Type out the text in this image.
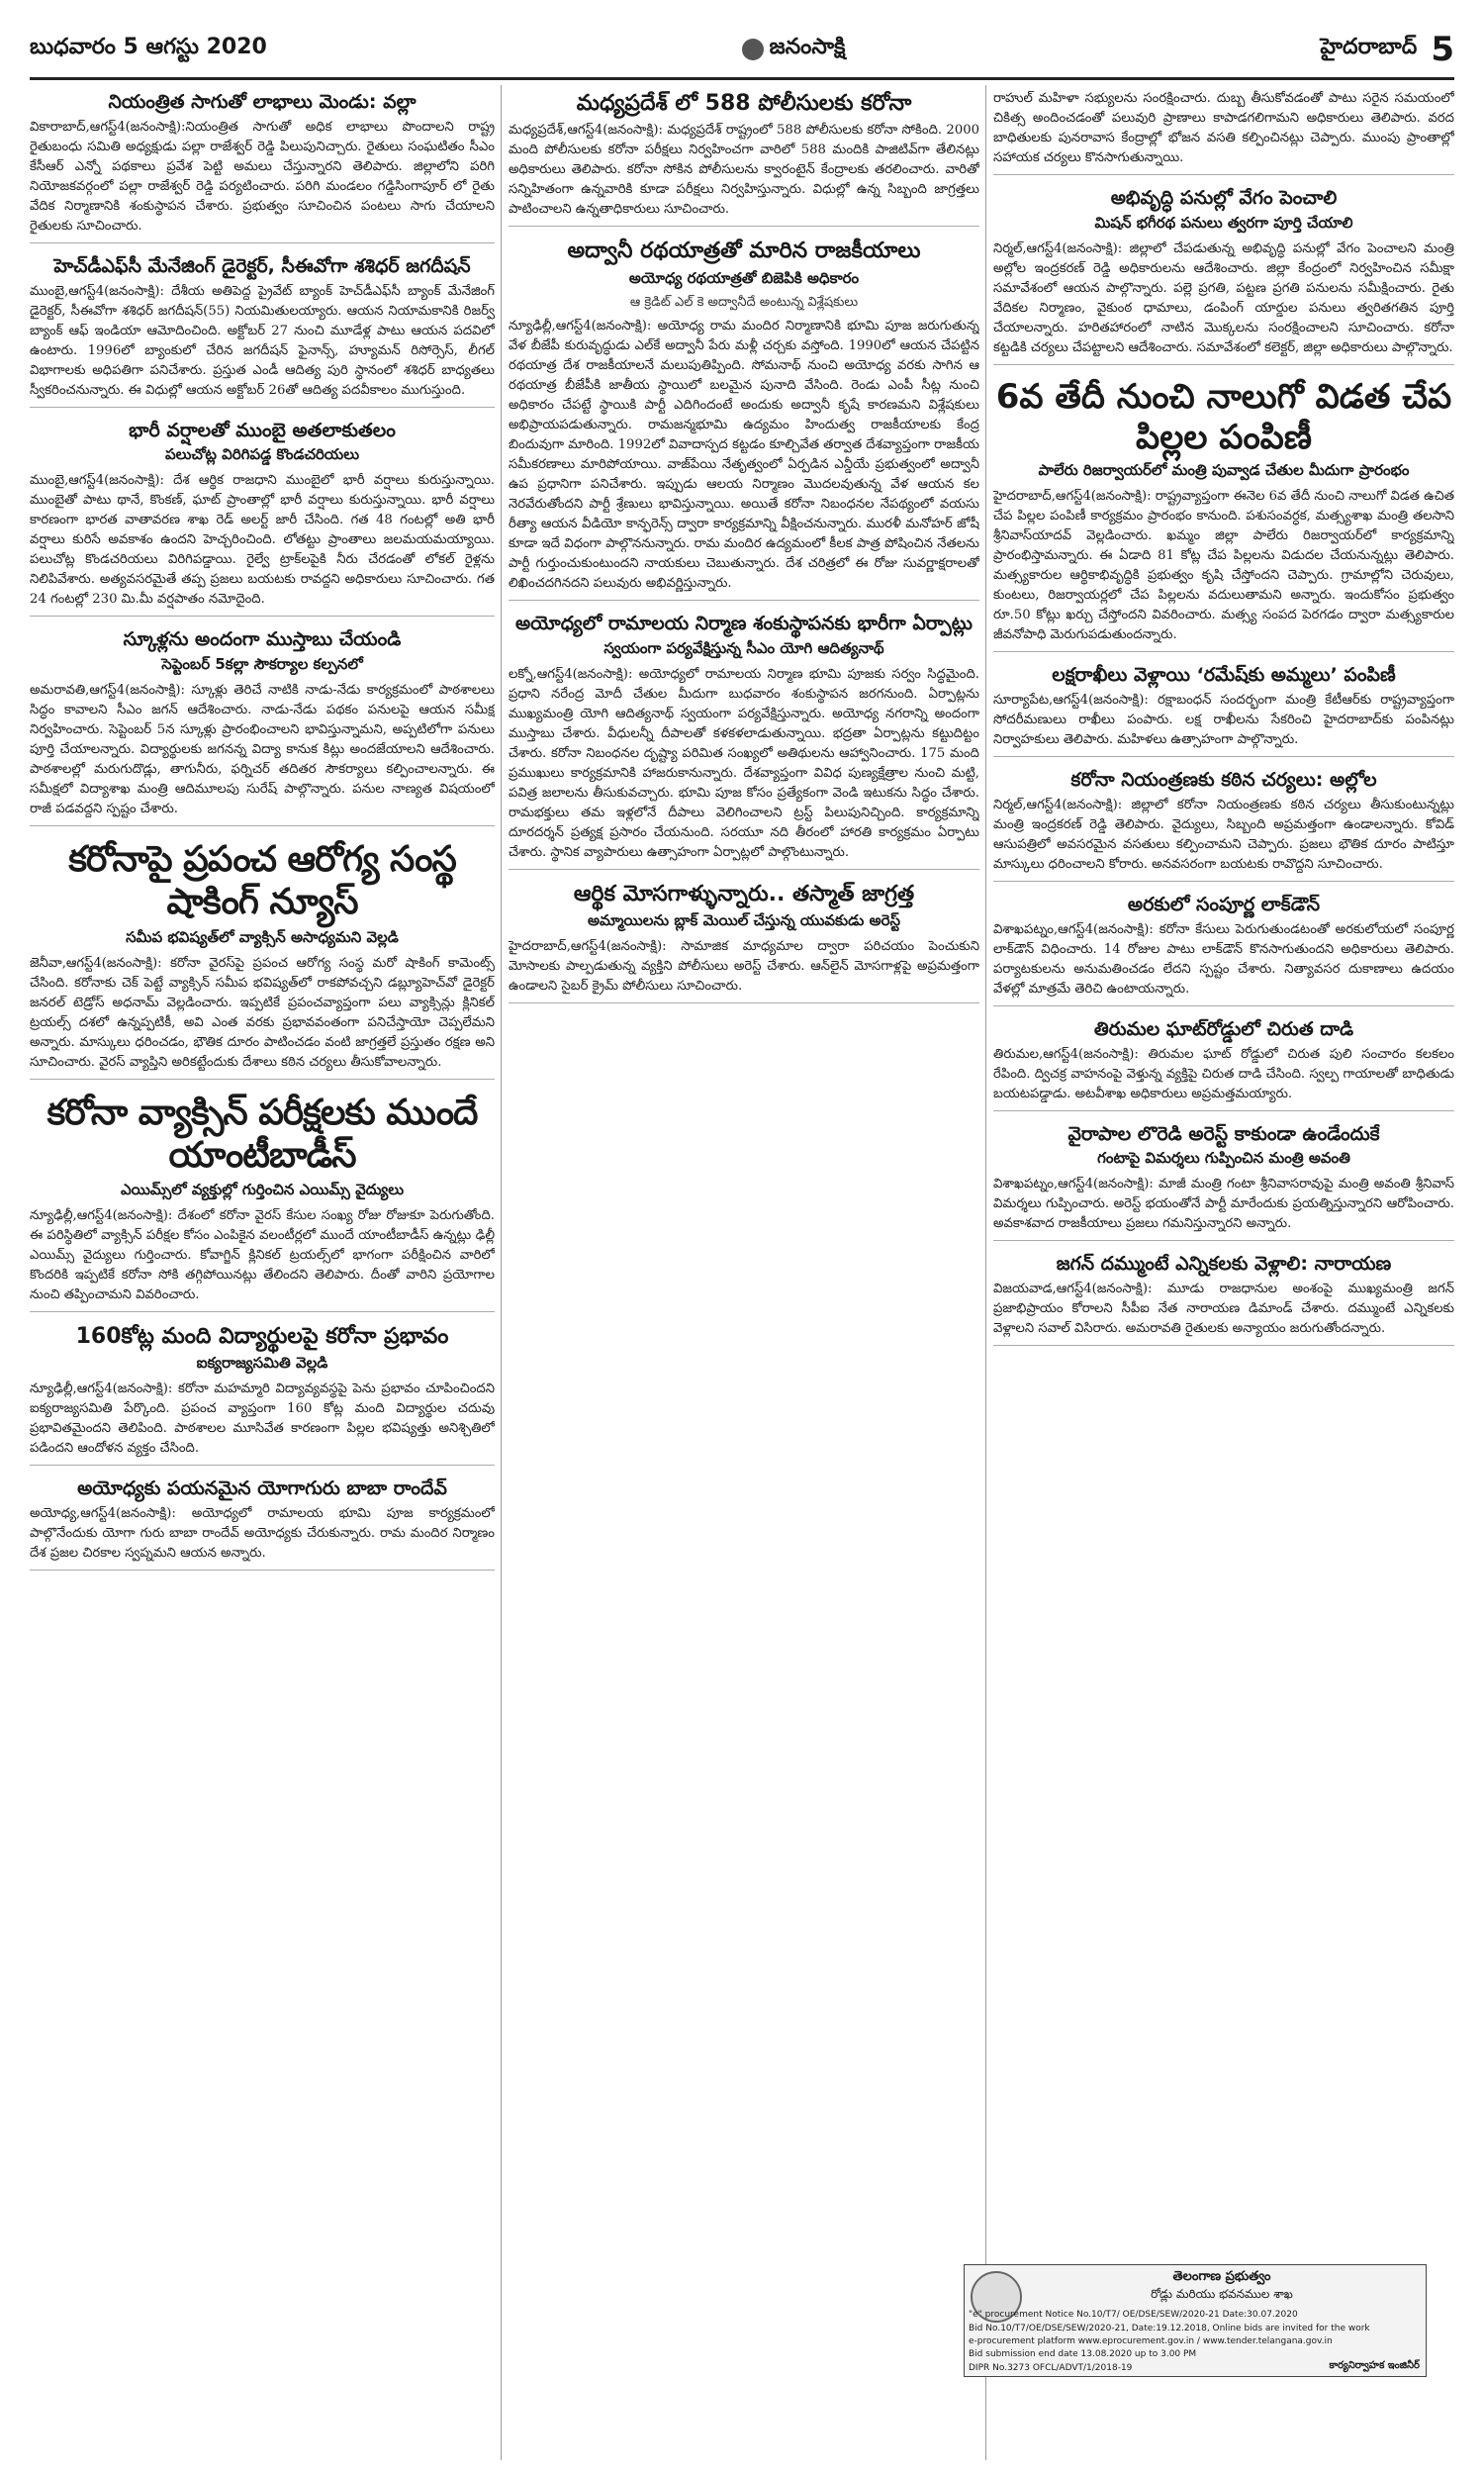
బుధవారం 5 ఆగస్టు 2020	జనంసాక్షి	హైదరాబాద్ 5
నియంత్రిత సాగుతో లాభాలు మెండు: వల్లా
వికారాబాద్,ఆగస్ట్4(జనంసాక్షి):నియంత్రిత సాగుతో అధిక లాభాలు పొందాలని రాష్ట్ర రైతుబంధు సమితి అధ్యక్షుడు పల్లా రాజేశ్వర్ రెడ్డి పిలుపునిచ్చారు. రైతులు సంఘటితం సీఎం కేసీఆర్ ఎన్నో పథకాలు ప్రవేశ పెట్టి అమలు చేస్తున్నారని తెలిపారు. జిల్లాలోని పరిగి నియోజకవర్గంలో పల్లా రాజేశ్వర్ రెడ్డి పర్యటించారు. పరిగి మండలం గడ్డిసింగాపూర్ లో రైతు వేదిక నిర్మాణానికి శంకుస్థాపన చేశారు. ప్రభుత్వం సూచించిన పంటలు సాగు చేయాలని రైతులకు సూచించారు.
హెచ్‌డీఎఫ్‌సీ మేనేజింగ్ డైరెక్టర్, సీఈవోగా శశిధర్ జగదీషన్
ముంబై,ఆగస్ట్4(జనంసాక్షి): దేశీయ అతిపెద్ద ప్రైవేట్ బ్యాంక్ హెచ్‌డీఎఫ్‌సీ బ్యాంక్ మేనేజింగ్ డైరెక్టర్, సీఈవోగా శశిధర్ జగదీషన్(55) నియమితులయ్యారు. ఆయన నియామకానికి రిజర్వ్ బ్యాంక్ ఆఫ్ ఇండియా ఆమోదించింది. అక్టోబర్ 27 నుంచి మూడేళ్ల పాటు ఆయన పదవిలో ఉంటారు. 1996లో బ్యాంకులో చేరిన జగదీషన్ ఫైనాన్స్, హ్యూమన్ రిసోర్సెస్, లీగల్ విభాగాలకు అధిపతిగా పనిచేశారు. ప్రస్తుత ఎండీ ఆదిత్య పురి స్థానంలో శశిధర్ బాధ్యతలు స్వీకరించనున్నారు. ఈ విధుల్లో ఆయన అక్టోబర్ 26తో ఆదిత్య పదవీకాలం ముగుస్తుంది.
భారీ వర్షాలతో ముంబై అతలాకుతలం
పలుచోట్ల విరిగిపడ్డ కొండచరియలు
ముంబై,ఆగస్ట్4(జనంసాక్షి): దేశ ఆర్థిక రాజధాని ముంబైలో భారీ వర్షాలు కురుస్తున్నాయి. ముంబైతో పాటు థానే, కొంకణ్, ఘాట్ ప్రాంతాల్లో భారీ వర్షాలు కురుస్తున్నాయి. భారీ వర్షాలు కారణంగా భారత వాతావరణ శాఖ రెడ్ అలర్ట్ జారీ చేసింది. గత 48 గంటల్లో అతి భారీ వర్షాలు కురిసే అవకాశం ఉందని హెచ్చరించింది. లోతట్టు ప్రాంతాలు జలమయమయ్యాయి. పలుచోట్ల కొండచరియలు విరిగిపడ్డాయి. రైల్వే ట్రాక్‌లపైకి నీరు చేరడంతో లోకల్ రైళ్లను నిలిపివేశారు. అత్యవసరమైతే తప్ప ప్రజలు బయటకు రావద్దని అధికారులు సూచించారు. గత 24 గంటల్లో 230 మి.మీ వర్షపాతం నమోదైంది.
స్కూళ్లను అందంగా ముస్తాబు చేయండి
సెప్టెంబర్ 5కల్లా సౌకర్యాల కల్పనలో
అమరావతి,ఆగస్ట్4(జనంసాక్షి): స్కూళ్లు తెరిచే నాటికి నాడు-నేడు కార్యక్రమంలో పాఠశాలలు సిద్ధం కావాలని సీఎం జగన్ ఆదేశించారు. నాడు-నేడు పథకం పనులపై ఆయన సమీక్ష నిర్వహించారు. సెప్టెంబర్ 5న స్కూళ్లు ప్రారంభించాలని భావిస్తున్నామని, అప్పటిలోగా పనులు పూర్తి చేయాలన్నారు. విద్యార్థులకు జగనన్న విద్యా కానుక కిట్లు అందజేయాలని ఆదేశించారు. పాఠశాలల్లో మరుగుదొడ్లు, తాగునీరు, ఫర్నిచర్ తదితర సౌకర్యాలు కల్పించాలన్నారు. ఈ సమీక్షలో విద్యాశాఖ మంత్రి ఆదిమూలపు సురేష్ పాల్గొన్నారు. పనుల నాణ్యత విషయంలో రాజీ పడవద్దని స్పష్టం చేశారు.
కరోనాపై ప్రపంచ ఆరోగ్య సంస్థ షాకింగ్ న్యూస్
సమీప భవిష్యత్‌లో వ్యాక్సిన్ అసాధ్యమని వెల్లడి
జెనీవా,ఆగస్ట్4(జనంసాక్షి): కరోనా వైరస్‌పై ప్రపంచ ఆరోగ్య సంస్థ మరో షాకింగ్ కామెంట్స్ చేసింది. కరోనాకు చెక్ పెట్టే వ్యాక్సిన్ సమీప భవిష్యత్‌లో రాకపోవచ్చని డబ్ల్యూహెచ్‌వో డైరెక్టర్ జనరల్ టెడ్రోస్ అధనామ్ వెల్లడించారు. ఇప్పటికే ప్రపంచవ్యాప్తంగా పలు వ్యాక్సిన్లు క్లినికల్ ట్రయల్స్ దశలో ఉన్నప్పటికీ, అవి ఎంత వరకు ప్రభావవంతంగా పనిచేస్తాయో చెప్పలేమని అన్నారు. మాస్కులు ధరించడం, భౌతిక దూరం పాటించడం వంటి జాగ్రత్తలే ప్రస్తుతం రక్షణ అని సూచించారు. వైరస్ వ్యాప్తిని అరికట్టేందుకు దేశాలు కఠిన చర్యలు తీసుకోవాలన్నారు.
కరోనా వ్యాక్సిన్ పరీక్షలకు ముందే యాంటీబాడీస్
ఎయిమ్స్‌లో వ్యక్తుల్లో గుర్తించిన ఎయిమ్స్ వైద్యులు
న్యూఢిల్లీ,ఆగస్ట్4(జనంసాక్షి): దేశంలో కరోనా వైరస్ కేసుల సంఖ్య రోజు రోజుకూ పెరుగుతోంది. ఈ పరిస్థితిలో వ్యాక్సిన్ పరీక్షల కోసం ఎంపికైన వలంటీర్లలో ముందే యాంటీబాడీస్ ఉన్నట్లు ఢిల్లీ ఎయిమ్స్ వైద్యులు గుర్తించారు. కోవాగ్జిన్ క్లినికల్ ట్రయల్స్‌లో భాగంగా పరీక్షించిన వారిలో కొందరికి ఇప్పటికే కరోనా సోకి తగ్గిపోయినట్లు తేలిందని తెలిపారు. దీంతో వారిని ప్రయోగాల నుంచి తప్పించామని వివరించారు.
160కోట్ల మంది విద్యార్థులపై కరోనా ప్రభావం
ఐక్యరాజ్యసమితి వెల్లడి
న్యూఢిల్లీ,ఆగస్ట్4(జనంసాక్షి): కరోనా మహమ్మారి విద్యావ్యవస్థపై పెను ప్రభావం చూపించిందని ఐక్యరాజ్యసమితి పేర్కొంది. ప్రపంచ వ్యాప్తంగా 160 కోట్ల మంది విద్యార్థుల చదువు ప్రభావితమైందని తెలిపింది. పాఠశాలల మూసివేత కారణంగా పిల్లల భవిష్యత్తు అనిశ్చితిలో పడిందని ఆందోళన వ్యక్తం చేసింది.
అయోధ్యకు పయనమైన యోగాగురు బాబా రాందేవ్
అయోధ్య,ఆగస్ట్4(జనంసాక్షి): అయోధ్యలో రామాలయ భూమి పూజ కార్యక్రమంలో పాల్గొనేందుకు యోగా గురు బాబా రాందేవ్ అయోధ్యకు చేరుకున్నారు. రామ మందిర నిర్మాణం దేశ ప్రజల చిరకాల స్వప్నమని ఆయన అన్నారు.
మధ్యప్రదేశ్ లో 588 పోలీసులకు కరోనా
మధ్యప్రదేశ్,ఆగస్ట్4(జనంసాక్షి): మధ్యప్రదేశ్ రాష్ట్రంలో 588 పోలీసులకు కరోనా సోకింది. 2000 మంది పోలీసులకు కరోనా పరీక్షలు నిర్వహించగా వారిలో 588 మందికి పాజిటివ్‌గా తేలినట్లు అధికారులు తెలిపారు. కరోనా సోకిన పోలీసులను క్వారంటైన్ కేంద్రాలకు తరలించారు. వారితో సన్నిహితంగా ఉన్నవారికి కూడా పరీక్షలు నిర్వహిస్తున్నారు. విధుల్లో ఉన్న సిబ్బంది జాగ్రత్తలు పాటించాలని ఉన్నతాధికారులు సూచించారు.
అద్వానీ రథయాత్రతో మారిన రాజకీయాలు
అయోధ్య రథయాత్రతో బిజెపికి అధికారం
ఆ క్రెడిట్ ఎల్ కె అద్వానీదే అంటున్న విశ్లేషకులు
న్యూఢిల్లీ,ఆగస్ట్4(జనంసాక్షి): అయోధ్య రామ మందిర నిర్మాణానికి భూమి పూజ జరుగుతున్న వేళ బీజేపీ కురువృద్ధుడు ఎల్‌కే అద్వానీ పేరు మళ్లీ చర్చకు వస్తోంది. 1990లో ఆయన చేపట్టిన రథయాత్ర దేశ రాజకీయాలనే మలుపుతిప్పింది. సోమనాథ్ నుంచి అయోధ్య వరకు సాగిన ఆ రథయాత్ర బీజేపీకి జాతీయ స్థాయిలో బలమైన పునాది వేసింది. రెండు ఎంపీ సీట్ల నుంచి అధికారం చేపట్టే స్థాయికి పార్టీ ఎదిగిందంటే అందుకు అద్వానీ కృషే కారణమని విశ్లేషకులు అభిప్రాయపడుతున్నారు. రామజన్మభూమి ఉద్యమం హిందుత్వ రాజకీయాలకు కేంద్ర బిందువుగా మారింది. 1992లో వివాదాస్పద కట్టడం కూల్చివేత తర్వాత దేశవ్యాప్తంగా రాజకీయ సమీకరణాలు మారిపోయాయి. వాజ్‌పేయి నేతృత్వంలో ఏర్పడిన ఎన్డీయే ప్రభుత్వంలో అద్వానీ ఉప ప్రధానిగా పనిచేశారు. ఇప్పుడు ఆలయ నిర్మాణం మొదలవుతున్న వేళ ఆయన కల నెరవేరుతోందని పార్టీ శ్రేణులు భావిస్తున్నాయి. అయితే కరోనా నిబంధనల నేపథ్యంలో వయసు రీత్యా ఆయన వీడియో కాన్ఫరెన్స్ ద్వారా కార్యక్రమాన్ని వీక్షించనున్నారు. మురళీ మనోహర్ జోషీ కూడా ఇదే విధంగా పాల్గొననున్నారు. రామ మందిర ఉద్యమంలో కీలక పాత్ర పోషించిన నేతలను పార్టీ గుర్తుంచుకుంటుందని నాయకులు చెబుతున్నారు. దేశ చరిత్రలో ఈ రోజు సువర్ణాక్షరాలతో లిఖించదగినదని పలువురు అభివర్ణిస్తున్నారు.
అయోధ్యలో రామాలయ నిర్మాణ శంకుస్థాపనకు భారీగా ఏర్పాట్లు
స్వయంగా పర్యవేక్షిస్తున్న సీఎం యోగి ఆదిత్యనాథ్
లక్నో,ఆగస్ట్4(జనంసాక్షి): అయోధ్యలో రామాలయ నిర్మాణ భూమి పూజకు సర్వం సిద్ధమైంది. ప్రధాని నరేంద్ర మోదీ చేతుల మీదుగా బుధవారం శంకుస్థాపన జరగనుంది. ఏర్పాట్లను ముఖ్యమంత్రి యోగి ఆదిత్యనాథ్ స్వయంగా పర్యవేక్షిస్తున్నారు. అయోధ్య నగరాన్ని అందంగా ముస్తాబు చేశారు. వీధులన్నీ దీపాలతో కళకళలాడుతున్నాయి. భద్రతా ఏర్పాట్లను కట్టుదిట్టం చేశారు. కరోనా నిబంధనల దృష్ట్యా పరిమిత సంఖ్యలో అతిథులను ఆహ్వానించారు. 175 మంది ప్రముఖులు కార్యక్రమానికి హాజరుకానున్నారు. దేశవ్యాప్తంగా వివిధ పుణ్యక్షేత్రాల నుంచి మట్టి, పవిత్ర జలాలను తీసుకువచ్చారు. భూమి పూజ కోసం ప్రత్యేకంగా వెండి ఇటుకను సిద్ధం చేశారు. రామభక్తులు తమ ఇళ్లలోనే దీపాలు వెలిగించాలని ట్రస్ట్ పిలుపునిచ్చింది. కార్యక్రమాన్ని దూరదర్శన్ ప్రత్యక్ష ప్రసారం చేయనుంది. సరయూ నది తీరంలో హారతి కార్యక్రమం ఏర్పాటు చేశారు. స్థానిక వ్యాపారులు ఉత్సాహంగా ఏర్పాట్లలో పాల్గొంటున్నారు.
ఆర్థిక మోసగాళ్ళున్నారు.. తస్మాత్ జాగ్రత్త
అమ్మాయిలను బ్లాక్ మెయిల్ చేస్తున్న యువకుడు అరెస్ట్
హైదరాబాద్,ఆగస్ట్4(జనంసాక్షి): సామాజిక మాధ్యమాల ద్వారా పరిచయం పెంచుకుని మోసాలకు పాల్పడుతున్న వ్యక్తిని పోలీసులు అరెస్ట్ చేశారు. ఆన్‌లైన్ మోసగాళ్లపై అప్రమత్తంగా ఉండాలని సైబర్ క్రైమ్ పోలీసులు సూచించారు.
రాహుల్ మహిళా సభ్యులను సంరక్షించారు. దుబ్బ తీసుకోవడంతో పాటు సరైన సమయంలో చికిత్స అందించడంతో పలువురి ప్రాణాలు కాపాడగలిగామని అధికారులు తెలిపారు. వరద బాధితులకు పునరావాస కేంద్రాల్లో భోజన వసతి కల్పించినట్లు చెప్పారు. ముంపు ప్రాంతాల్లో సహాయక చర్యలు కొనసాగుతున్నాయి.
అభివృద్ధి పనుల్లో వేగం పెంచాలి
మిషన్ భగీరథ పనులు త్వరగా పూర్తి చేయాలి
నిర్మల్,ఆగస్ట్4(జనంసాక్షి): జిల్లాలో చేపడుతున్న అభివృద్ధి పనుల్లో వేగం పెంచాలని మంత్రి అల్లోల ఇంద్రకరణ్ రెడ్డి అధికారులను ఆదేశించారు. జిల్లా కేంద్రంలో నిర్వహించిన సమీక్షా సమావేశంలో ఆయన పాల్గొన్నారు. పల్లె ప్రగతి, పట్టణ ప్రగతి పనులను సమీక్షించారు. రైతు వేదికల నిర్మాణం, వైకుంఠ ధామాలు, డంపింగ్ యార్డుల పనులు త్వరితగతిన పూర్తి చేయాలన్నారు. హరితహారంలో నాటిన మొక్కలను సంరక్షించాలని సూచించారు. కరోనా కట్టడికి చర్యలు చేపట్టాలని ఆదేశించారు. సమావేశంలో కలెక్టర్, జిల్లా అధికారులు పాల్గొన్నారు.
6వ తేదీ నుంచి నాలుగో విడత చేప పిల్లల పంపిణీ
పాలేరు రిజర్వాయర్‌లో మంత్రి పువ్వాడ చేతుల మీదుగా ప్రారంభం
హైదరాబాద్,ఆగస్ట్4(జనంసాక్షి): రాష్ట్రవ్యాప్తంగా ఈనెల 6వ తేదీ నుంచి నాలుగో విడత ఉచిత చేప పిల్లల పంపిణీ కార్యక్రమం ప్రారంభం కానుంది. పశుసంవర్ధక, మత్స్యశాఖ మంత్రి తలసాని శ్రీనివాస్‌యాదవ్ వెల్లడించారు. ఖమ్మం జిల్లా పాలేరు రిజర్వాయర్‌లో కార్యక్రమాన్ని ప్రారంభిస్తామన్నారు. ఈ ఏడాది 81 కోట్ల చేప పిల్లలను విడుదల చేయనున్నట్లు తెలిపారు. మత్స్యకారుల ఆర్థికాభివృద్ధికి ప్రభుత్వం కృషి చేస్తోందని చెప్పారు. గ్రామాల్లోని చెరువులు, కుంటలు, రిజర్వాయర్లలో చేప పిల్లలను వదులుతామని అన్నారు. ఇందుకోసం ప్రభుత్వం రూ.50 కోట్లు ఖర్చు చేస్తోందని వివరించారు. మత్స్య సంపద పెరగడం ద్వారా మత్స్యకారుల జీవనోపాధి మెరుగుపడుతుందన్నారు.
లక్షరాఖీలు వెళ్లాయి ‘రమేష్‌కు అమ్మలు’ పంపిణీ
సూర్యాపేట,ఆగస్ట్4(జనంసాక్షి): రక్షాబంధన్ సందర్భంగా మంత్రి కేటీఆర్‌కు రాష్ట్రవ్యాప్తంగా సోదరీమణులు రాఖీలు పంపారు. లక్ష రాఖీలను సేకరించి హైదరాబాద్‌కు పంపినట్లు నిర్వాహకులు తెలిపారు. మహిళలు ఉత్సాహంగా పాల్గొన్నారు.
కరోనా నియంత్రణకు కఠిన చర్యలు: అల్లోల
నిర్మల్,ఆగస్ట్4(జనంసాక్షి): జిల్లాలో కరోనా నియంత్రణకు కఠిన చర్యలు తీసుకుంటున్నట్లు మంత్రి ఇంద్రకరణ్ రెడ్డి తెలిపారు. వైద్యులు, సిబ్బంది అప్రమత్తంగా ఉండాలన్నారు. కోవిడ్ ఆసుపత్రిలో అవసరమైన వసతులు కల్పించామని చెప్పారు. ప్రజలు భౌతిక దూరం పాటిస్తూ మాస్కులు ధరించాలని కోరారు. అనవసరంగా బయటకు రావొద్దని సూచించారు.
అరకులో సంపూర్ణ లాక్‌డౌన్
విశాఖపట్నం,ఆగస్ట్4(జనంసాక్షి): కరోనా కేసులు పెరుగుతుండటంతో అరకులోయలో సంపూర్ణ లాక్‌డౌన్ విధించారు. 14 రోజుల పాటు లాక్‌డౌన్ కొనసాగుతుందని అధికారులు తెలిపారు. పర్యాటకులను అనుమతించడం లేదని స్పష్టం చేశారు. నిత్యావసర దుకాణాలు ఉదయం వేళల్లో మాత్రమే తెరిచి ఉంటాయన్నారు.
తిరుమల ఘాట్‌రోడ్డులో చిరుత దాడి
తిరుమల,ఆగస్ట్4(జనంసాక్షి): తిరుమల ఘాట్ రోడ్డులో చిరుత పులి సంచారం కలకలం రేపింది. ద్విచక్ర వాహనంపై వెళ్తున్న వ్యక్తిపై చిరుత దాడి చేసింది. స్వల్ప గాయాలతో బాధితుడు బయటపడ్డాడు. అటవీశాఖ అధికారులు అప్రమత్తమయ్యారు.
వైరాపాల లొరెడి అరెస్ట్ కాకుండా ఉండేందుకే
గంటాపై విమర్శలు గుప్పించిన మంత్రి అవంతి
విశాఖపట్నం,ఆగస్ట్4(జనంసాక్షి): మాజీ మంత్రి గంటా శ్రీనివాసరావుపై మంత్రి అవంతి శ్రీనివాస్ విమర్శలు గుప్పించారు. అరెస్ట్ భయంతోనే పార్టీ మారేందుకు ప్రయత్నిస్తున్నారని ఆరోపించారు. అవకాశవాద రాజకీయాలు ప్రజలు గమనిస్తున్నారని అన్నారు.
జగన్ దమ్ముంటే ఎన్నికలకు వెళ్లాలి: నారాయణ
విజయవాడ,ఆగస్ట్4(జనంసాక్షి): మూడు రాజధానుల అంశంపై ముఖ్యమంత్రి జగన్ ప్రజాభిప్రాయం కోరాలని సీపీఐ నేత నారాయణ డిమాండ్ చేశారు. దమ్ముంటే ఎన్నికలకు వెళ్లాలని సవాల్ విసిరారు. అమరావతి రైతులకు అన్యాయం జరుగుతోందన్నారు.
తెలంగాణ ప్రభుత్వం
రోడ్లు మరియు భవనముల శాఖ
"e" procurement Notice No.10/T7/ OE/DSE/SEW/2020-21 Date:30.07.2020
Bid No.10/T7/OE/DSE/SEW/2020-21, Date:19.12.2018, Online bids are invited for the work
e-procurement platform www.eprocurement.gov.in / www.tender.telangana.gov.in
Bid submission end date 13.08.2020 up to 3.00 PM
DIPR No.3273 OFCL/ADVT/1/2018-19	కార్యనిర్వాహక ఇంజినీర్
